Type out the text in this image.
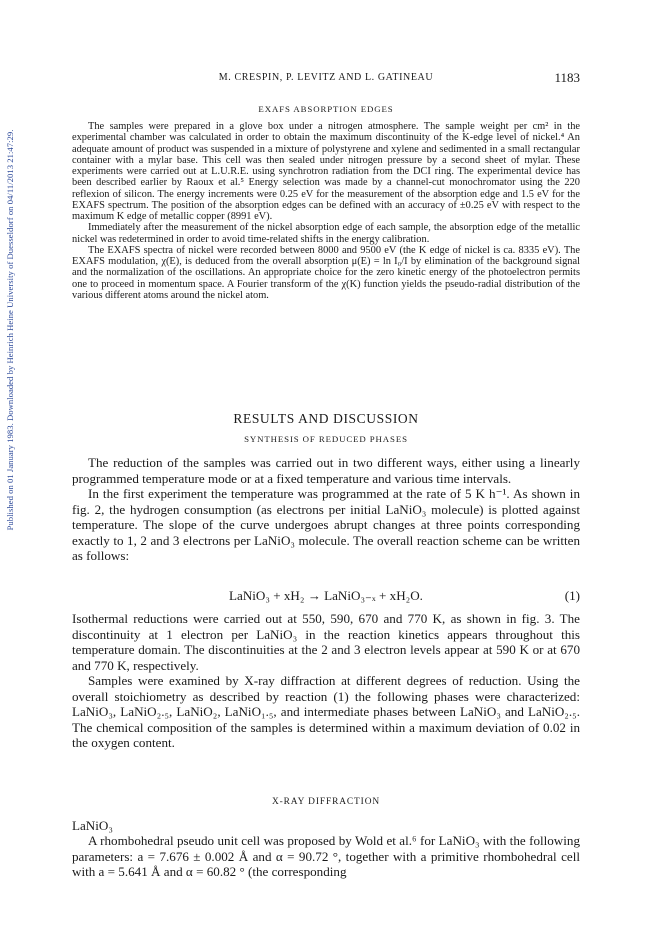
Published on 01 January 1983. Downloaded by Heinrich Heine University of Duesseldorf on 04/11/2013 21:47:29.
M. CRESPIN, P. LEVITZ AND L. GATINEAU	1183
EXAFS ABSORPTION EDGES

The samples were prepared in a glove box under a nitrogen atmosphere. The sample weight per cm² in the experimental chamber was calculated in order to obtain the maximum discontinuity of the K-edge level of nickel.⁴ An adequate amount of product was suspended in a mixture of polystyrene and xylene and sedimented in a small rectangular container with a mylar base. This cell was then sealed under nitrogen pressure by a second sheet of mylar. These experiments were carried out at L.U.R.E. using synchrotron radiation from the DCI ring. The experimental device has been described earlier by Raoux et al.⁵ Energy selection was made by a channel-cut monochromator using the 220 reflexion of silicon. The energy increments were 0.25 eV for the measurement of the absorption edge and 1.5 eV for the EXAFS spectrum. The position of the absorption edges can be defined with an accuracy of ±0.25 eV with respect to the maximum K edge of metallic copper (8991 eV).

Immediately after the measurement of the nickel absorption edge of each sample, the absorption edge of the metallic nickel was redetermined in order to avoid time-related shifts in the energy calibration.

The EXAFS spectra of nickel were recorded between 8000 and 9500 eV (the K edge of nickel is ca. 8335 eV). The EXAFS modulation, χ(E), is deduced from the overall absorption μ(E) = ln I₀/I by elimination of the background signal and the normalization of the oscillations. An appropriate choice for the zero kinetic energy of the photoelectron permits one to proceed in momentum space. A Fourier transform of the χ(K) function yields the pseudo-radial distribution of the various different atoms around the nickel atom.

RESULTS AND DISCUSSION
SYNTHESIS OF REDUCED PHASES

The reduction of the samples was carried out in two different ways, either using a linearly programmed temperature mode or at a fixed temperature and various time intervals.

In the first experiment the temperature was programmed at the rate of 5 K h⁻¹. As shown in fig. 2, the hydrogen consumption (as electrons per initial LaNiO₃ molecule) is plotted against temperature. The slope of the curve undergoes abrupt changes at three points corresponding exactly to 1, 2 and 3 electrons per LaNiO₃ molecule. The overall reaction scheme can be written as follows:

LaNiO₃ + xH₂ → LaNiO₃₋ₓ + xH₂O.	(1)

Isothermal reductions were carried out at 550, 590, 670 and 770 K, as shown in fig. 3. The discontinuity at 1 electron per LaNiO₃ in the reaction kinetics appears throughout this temperature domain. The discontinuities at the 2 and 3 electron levels appear at 590 K or at 670 and 770 K, respectively.

Samples were examined by X-ray diffraction at different degrees of reduction. Using the overall stoichiometry as described by reaction (1) the following phases were characterized: LaNiO₃, LaNiO₂.₅, LaNiO₂, LaNiO₁.₅, and intermediate phases between LaNiO₃ and LaNiO₂.₅. The chemical composition of the samples is determined within a maximum deviation of 0.02 in the oxygen content.

X-RAY DIFFRACTION
LaNiO₃

A rhombohedral pseudo unit cell was proposed by Wold et al.⁶ for LaNiO₃ with the following parameters: a = 7.676 ± 0.002 Å and α = 90.72 °, together with a primitive rhombohedral cell with a = 5.641 Å and α = 60.82 ° (the corresponding
